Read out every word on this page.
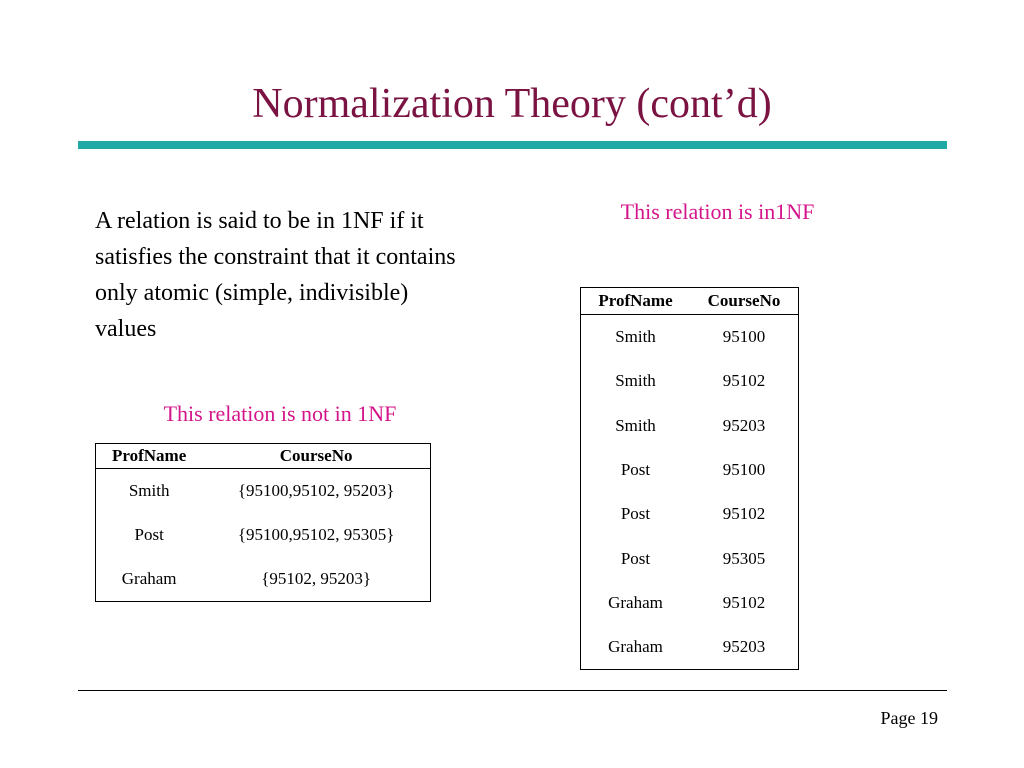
Normalization Theory (cont’d)

A relation is said to be in 1NF if it satisfies the constraint that it contains only atomic (simple, indivisible) values

This relation is not in 1NF

ProfName	CourseNo
Smith	{95100,95102, 95203}
Post	{95100,95102, 95305}
Graham	{95102, 95203}

This relation is in1NF

ProfName	CourseNo
Smith	95100
Smith	95102
Smith	95203
Post	95100
Post	95102
Post	95305
Graham	95102
Graham	95203

Page 19
